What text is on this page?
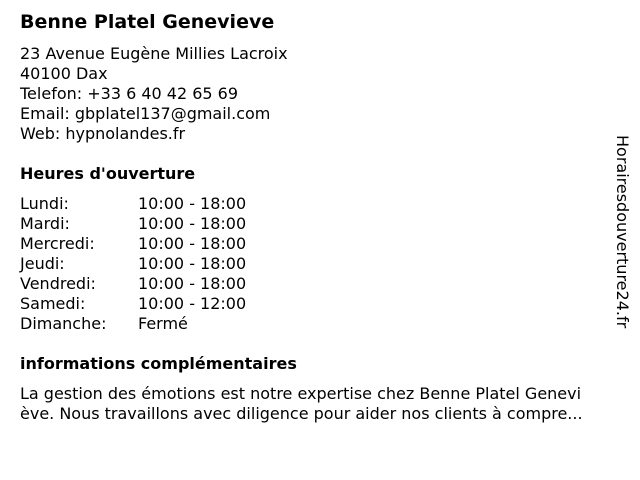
Benne Platel Genevieve
23 Avenue Eugène Millies Lacroix
40100 Dax
Telefon: +33 6 40 42 65 69
Email: gbplatel137@gmail.com
Web: hypnolandes.fr
Heures d'ouverture
Lundi:	10:00 - 18:00
Mardi:	10:00 - 18:00
Mercredi:	10:00 - 18:00
Jeudi:	10:00 - 18:00
Vendredi:	10:00 - 18:00
Samedi:	10:00 - 12:00
Dimanche:	Fermé
informations complémentaires
La gestion des émotions est notre expertise chez Benne Platel Genevi
ève. Nous travaillons avec diligence pour aider nos clients à compre...
Horairesdouverture24.fr
